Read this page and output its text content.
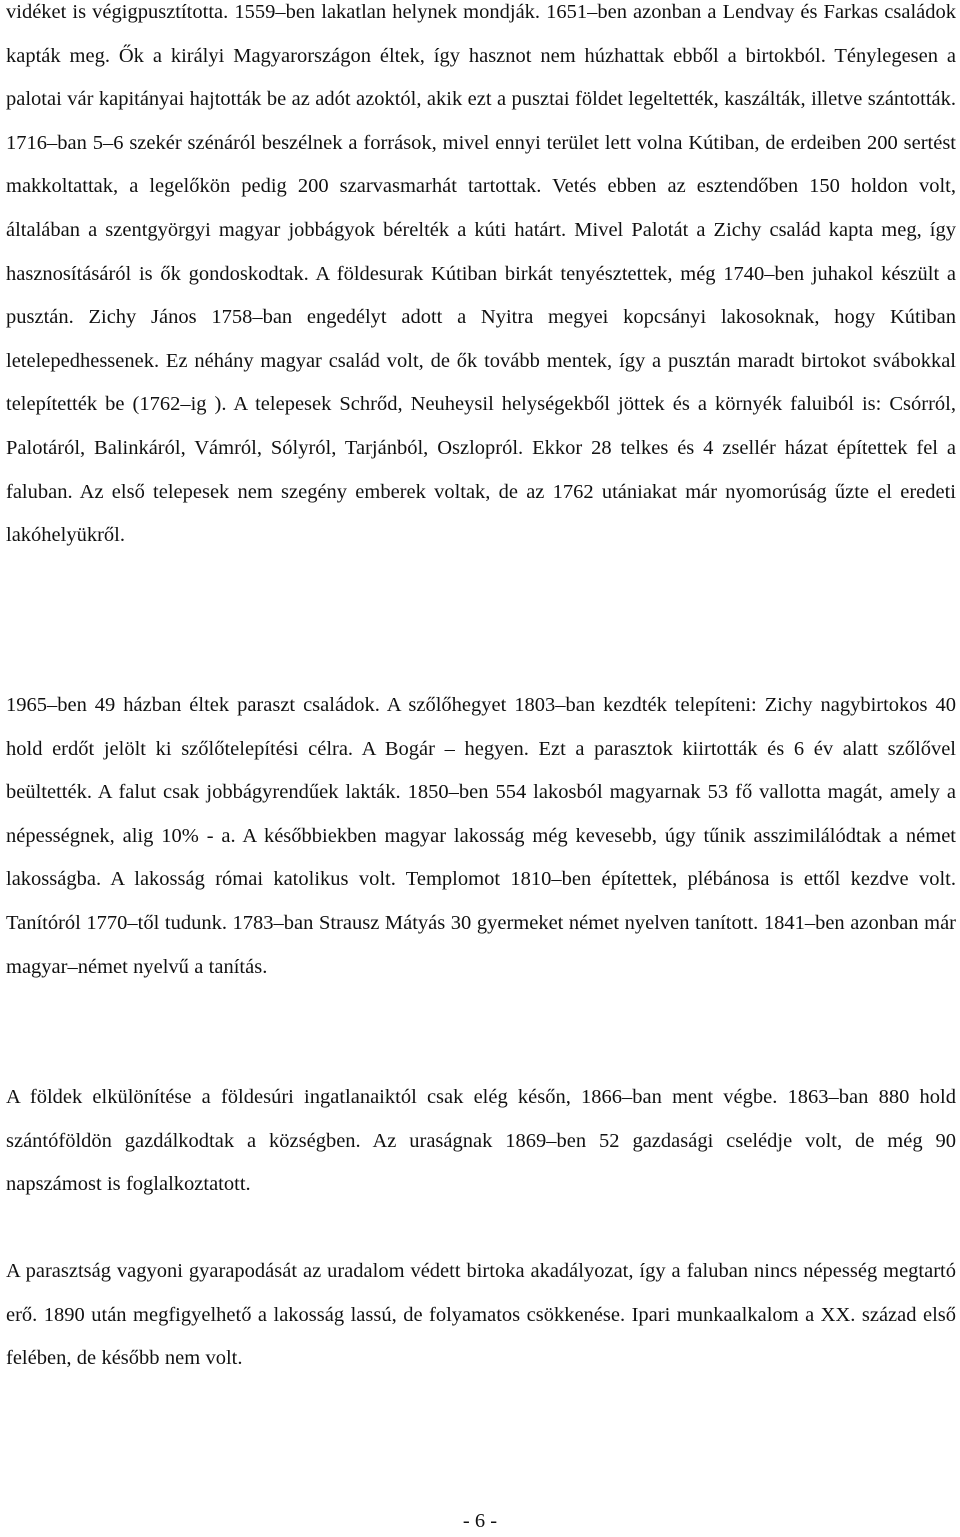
vidéket is végigpusztította. 1559–ben lakatlan helynek mondják. 1651–ben azonban a Lendvay és Farkas családok kapták meg. Ők a királyi Magyarországon éltek, így hasznot nem húzhattak ebből a birtokból. Ténylegesen a palotai vár kapitányai hajtották be az adót azoktól, akik ezt a pusztai földet legeltették, kaszálták, illetve szántották. 1716–ban 5–6 szekér szénáról beszélnek a források, mivel ennyi terület lett volna Kútiban, de erdeiben 200 sertést makkoltattak, a legelőkön pedig 200 szarvasmarhát tartottak. Vetés ebben az esztendőben 150 holdon volt, általában a szentgyörgyi magyar jobbágyok bérelték a kúti határt. Mivel Palotát a Zichy család kapta meg, így hasznosításáról is ők gondoskodtak. A földesurak Kútiban birkát tenyésztettek, még 1740–ben juhakol készült a pusztán. Zichy János 1758–ban engedélyt adott a Nyitra megyei kopcsányi lakosoknak, hogy Kútiban letelepedhessenek. Ez néhány magyar család volt, de ők tovább mentek, így a pusztán maradt birtokot svábokkal telepítették be (1762–ig ). A telepesek Schrőd, Neuheysil helységekből jöttek és a környék faluiból is: Csórról, Palotáról, Balinkáról, Vámról, Sólyról, Tarjánból, Oszlopról. Ekkor 28 telkes és 4 zsellér házat építettek fel a faluban. Az első telepesek nem szegény emberek voltak, de az 1762 utániakat már nyomorúság űzte el eredeti lakóhelyükről.

1965–ben 49 házban éltek paraszt családok. A szőlőhegyet 1803–ban kezdték telepíteni: Zichy nagybirtokos 40 hold erdőt jelölt ki szőlőtelepítési célra. A Bogár – hegyen. Ezt a parasztok kiirtották és 6 év alatt szőlővel beültették. A falut csak jobbágyrendűek lakták. 1850–ben 554 lakosból magyarnak 53 fő vallotta magát, amely a népességnek, alig 10% - a. A későbbiekben magyar lakosság még kevesebb, úgy tűnik asszimilálódtak a német lakosságba. A lakosság római katolikus volt. Templomot 1810–ben építettek, plébánosa is ettől kezdve volt. Tanítóról 1770–től tudunk. 1783–ban Strausz Mátyás 30 gyermeket német nyelven tanított. 1841–ben azonban már magyar–német nyelvű a tanítás.

A földek elkülönítése a földesúri ingatlanaiktól csak elég későn, 1866–ban ment végbe. 1863–ban 880 hold szántóföldön gazdálkodtak a községben. Az uraságnak 1869–ben 52 gazdasági cselédje volt, de még 90 napszámost is foglalkoztatott.

A parasztság vagyoni gyarapodását az uradalom védett birtoka akadályozat, így a faluban nincs népesség megtartó erő. 1890 után megfigyelhető a lakosság lassú, de folyamatos csökkenése. Ipari munkaalkalom a XX. század első felében, de később nem volt.

- 6 -
